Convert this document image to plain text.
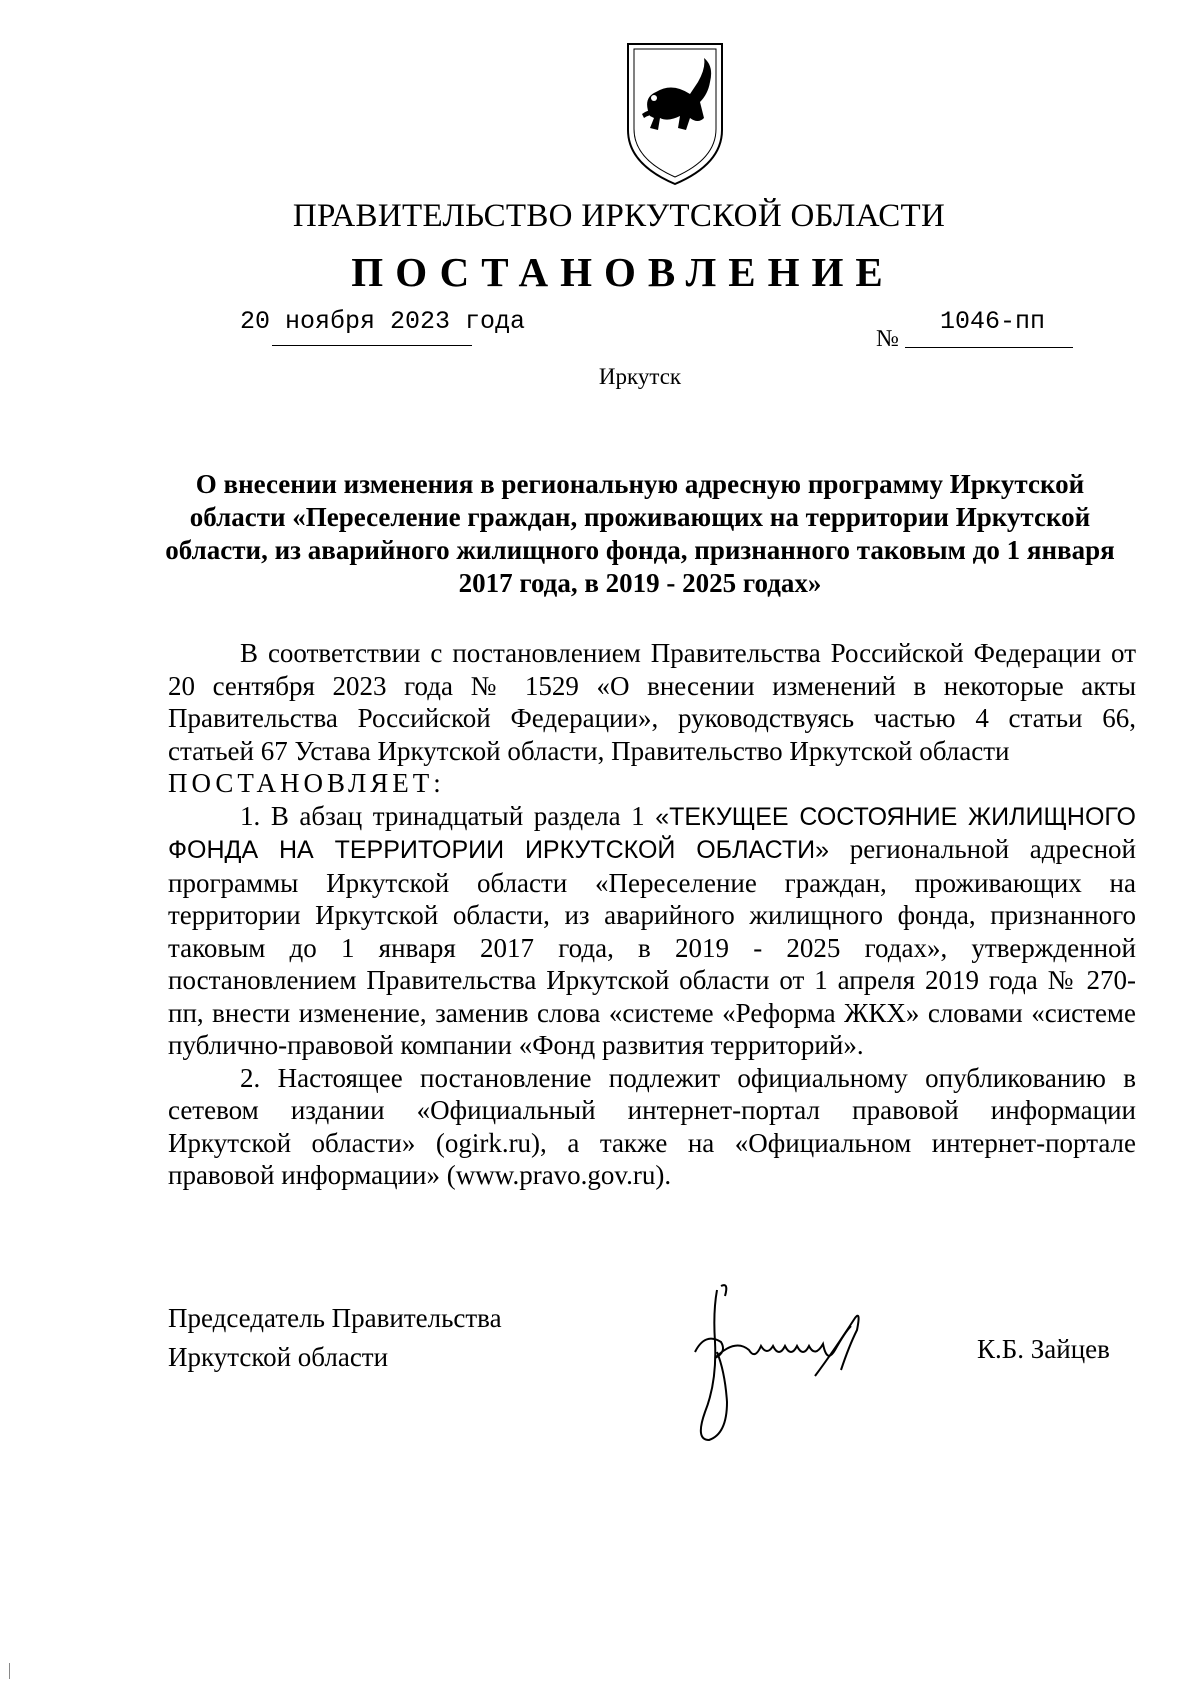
ПРАВИТЕЛЬСТВО ИРКУТСКОЙ ОБЛАСТИ
ПОСТАНОВЛЕНИЕ
20 ноября 2023 года
№
1046-пп
Иркутск
О внесении изменения в региональную адресную программу Иркутской области «Переселение граждан, проживающих на территории Иркутской области, из аварийного жилищного фонда, признанного таковым до 1 января 2017 года, в 2019 - 2025 годах»

В соответствии с постановлением Правительства Российской Федерации от 20 сентября 2023 года № 1529 «О внесении изменений в некоторые акты Правительства Российской Федерации», руководствуясь частью 4 статьи 66, статьей 67 Устава Иркутской области, Правительство Иркутской области

ПОСТАНОВЛЯЕТ:

1. В абзац тринадцатый раздела 1 «ТЕКУЩЕЕ СОСТОЯНИЕ ЖИЛИЩНОГО ФОНДА НА ТЕРРИТОРИИ ИРКУТСКОЙ ОБЛАСТИ» региональной адресной программы Иркутской области «Переселение граждан, проживающих на территории Иркутской области, из аварийного жилищного фонда, признанного таковым до 1 января 2017 года, в 2019 - 2025 годах», утвержденной постановлением Правительства Иркутской области от 1 апреля 2019 года № 270-пп, внести изменение, заменив слова «системе «Реформа ЖКХ» словами «системе публично-правовой компании «Фонд развития территорий».

2. Настоящее постановление подлежит официальному опубликованию в сетевом издании «Официальный интернет-портал правовой информации Иркутской области» (ogirk.ru), а также на «Официальном интернет-портале правовой информации» (www.pravo.gov.ru).

Председатель Правительства
Иркутской области	К.Б. Зайцев
